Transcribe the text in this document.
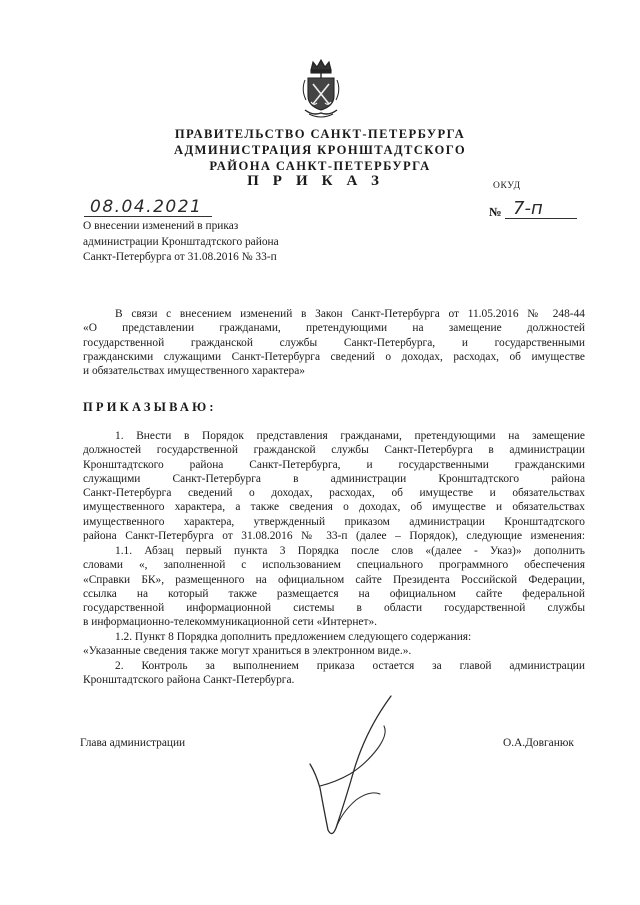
ПРАВИТЕЛЬСТВО САНКТ-ПЕТЕРБУРГА
АДМИНИСТРАЦИЯ КРОНШТАДТСКОГО
РАЙОНА САНКТ-ПЕТЕРБУРГА
ПРИКАЗ	ОКУД
08.04.2021	№ 7-п
О внесении изменений в приказ
администрации Кронштадтского района
Санкт-Петербурга от 31.08.2016 № 33-п
В связи с внесением изменений в Закон Санкт-Петербурга от 11.05.2016 № 248-44
«О представлении гражданами, претендующими на замещение должностей
государственной гражданской службы Санкт-Петербурга, и государственными
гражданскими служащими Санкт-Петербурга сведений о доходах, расходах, об имуществе
и обязательствах имущественного характера»
ПРИКАЗЫВАЮ:
1. Внести в Порядок представления гражданами, претендующими на замещение
должностей государственной гражданской службы Санкт-Петербурга в администрации
Кронштадтского района Санкт-Петербурга, и государственными гражданскими
служащими Санкт-Петербурга в администрации Кронштадтского района
Санкт-Петербурга сведений о доходах, расходах, об имуществе и обязательствах
имущественного характера, а также сведения о доходах, об имуществе и обязательствах
имущественного характера, утвержденный приказом администрации Кронштадтского
района Санкт-Петербурга от 31.08.2016 № 33-п (далее – Порядок), следующие изменения:
1.1. Абзац первый пункта 3 Порядка после слов «(далее - Указ)» дополнить
словами «, заполненной с использованием специального программного обеспечения
«Справки БК», размещенного на официальном сайте Президента Российской Федерации,
ссылка на который также размещается на официальном сайте федеральной
государственной информационной системы в области государственной службы
в информационно-телекоммуникационной сети «Интернет».
1.2. Пункт 8 Порядка дополнить предложением следующего содержания:
«Указанные сведения также могут храниться в электронном виде.».
2. Контроль за выполнением приказа остается за главой администрации
Кронштадтского района Санкт-Петербурга.
Глава администрации	О.А.Довганюк
